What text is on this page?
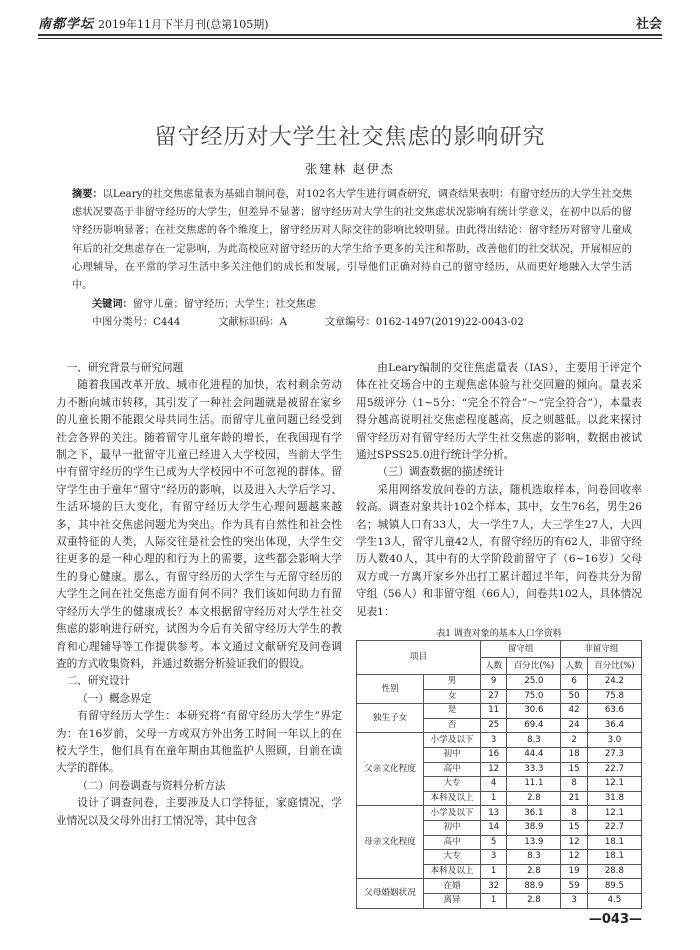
南都学坛 2019年11月下半月刊(总第105期)	社会
留守经历对大学生社交焦虑的影响研究
张建林 赵伊杰
摘要：以Leary的社交焦虑量表为基础自制问卷，对102名大学生进行调查研究，调查结果表明：有留守经历的大学生社交焦虑状况要高于非留守经历的大学生，但差异不显著；留守经历对大学生的社交焦虑状况影响有统计学意义，在初中以后的留守经历影响显著；在社交焦虑的各个维度上，留守经历对人际交往的影响比较明显。由此得出结论：留守经历对留守儿童成年后的社交焦虑存在一定影响，为此高校应对留守经历的大学生给予更多的关注和帮助，改善他们的社交状况，开展相应的心理辅导，在平常的学习生活中多关注他们的成长和发展，引导他们正确对待自己的留守经历，从而更好地融入大学生活中。
关键词：留守儿童；留守经历；大学生；社交焦虑
中图分类号：C444	文献标识码：A	文章编号：0162-1497(2019)22-0043-02

一、研究背景与研究问题

随着我国改革开放、城市化进程的加快，农村剩余劳动力不断向城市转移，其引发了一种社会问题就是被留在家乡的儿童长期不能跟父母共同生活。而留守儿童问题已经受到社会各界的关注。随着留守儿童年龄的增长，在我国现有学制之下，最早一批留守儿童已经进入大学校园，当前大学生中有留守经历的学生已成为大学校园中不可忽视的群体。留守学生由于童年“留守”经历的影响，以及进入大学后学习、生活环境的巨大变化，有留守经历大学生心理问题越来越多，其中社交焦虑问题尤为突出。作为具有自然性和社会性双重特征的人类，人际交往是社会性的突出体现，大学生交往更多的是一种心理的和行为上的需要，这些都会影响大学生的身心健康。那么，有留守经历的大学生与无留守经历的大学生之间在社交焦虑方面有何不同？我们该如何助力有留守经历大学生的健康成长？本文根据留守经历对大学生社交焦虑的影响进行研究，试图为今后有关留守经历大学生的教育和心理辅导等工作提供参考。本文通过文献研究及问卷调查的方式收集资料，并通过数据分析验证我们的假设。

二、研究设计

（一）概念界定

有留守经历大学生：本研究将“有留守经历大学生”界定为：在16岁前，父母一方或双方外出务工时间一年以上的在校大学生，他们具有在童年期由其他监护人照顾，目前在读大学的群体。

（二）问卷调查与资料分析方法

设计了调查问卷，主要涉及人口学特征，家庭情况，学业情况以及父母外出打工情况等，其中包含

由Leary编制的交往焦虑量表（IAS），主要用于评定个体在社交场合中的主观焦虑体验与社交回避的倾向。量表采用5级评分（1~5分：“完全不符合”～“完全符合”），本量表得分越高说明社交焦虑程度越高，反之则越低。以此来探讨留守经历对有留守经历大学生社交焦虑的影响，数据由被试通过SPSS25.0进行统计学分析。

（三）调查数据的描述统计

采用网络发放问卷的方法，随机选取样本，问卷回收率较高。调查对象共计102个样本，其中，女生76名，男生26名；城镇人口有33人，大一学生7人，大三学生27人，大四学生13人，留守儿童42人，有留守经历的有62人，非留守经历人数40人，其中有的大学阶段前留守了（6~16岁）父母双方或一方离开家乡外出打工累计超过半年，问卷共分为留守组（56人）和非留守组（66人），问卷共102人，具体情况见表1：

表1 调查对象的基本人口学资料
项目		留守组		非留守组	
		人数	百分比(%)	人数	百分比(%)
性别	男	9	25.0	6	24.2
	女	27	75.0	50	75.8
独生子女	是	11	30.6	42	63.6
	否	25	69.4	24	36.4
父亲文化程度	小学及以下	3	8.3	2	3.0
	初中	16	44.4	18	27.3
	高中	12	33.3	15	22.7
	大专	4	11.1	8	12.1
	本科及以上	1	2.8	21	31.8
母亲文化程度	小学及以下	13	36.1	8	12.1
	初中	14	38.9	15	22.7
	高中	5	13.9	12	18.1
	大专	3	8.3	12	18.1
	本科及以上	1	2.8	19	28.8
父母婚姻状况	在婚	32	88.9	59	89.5
	离异	1	2.8	3	4.5
—043—
